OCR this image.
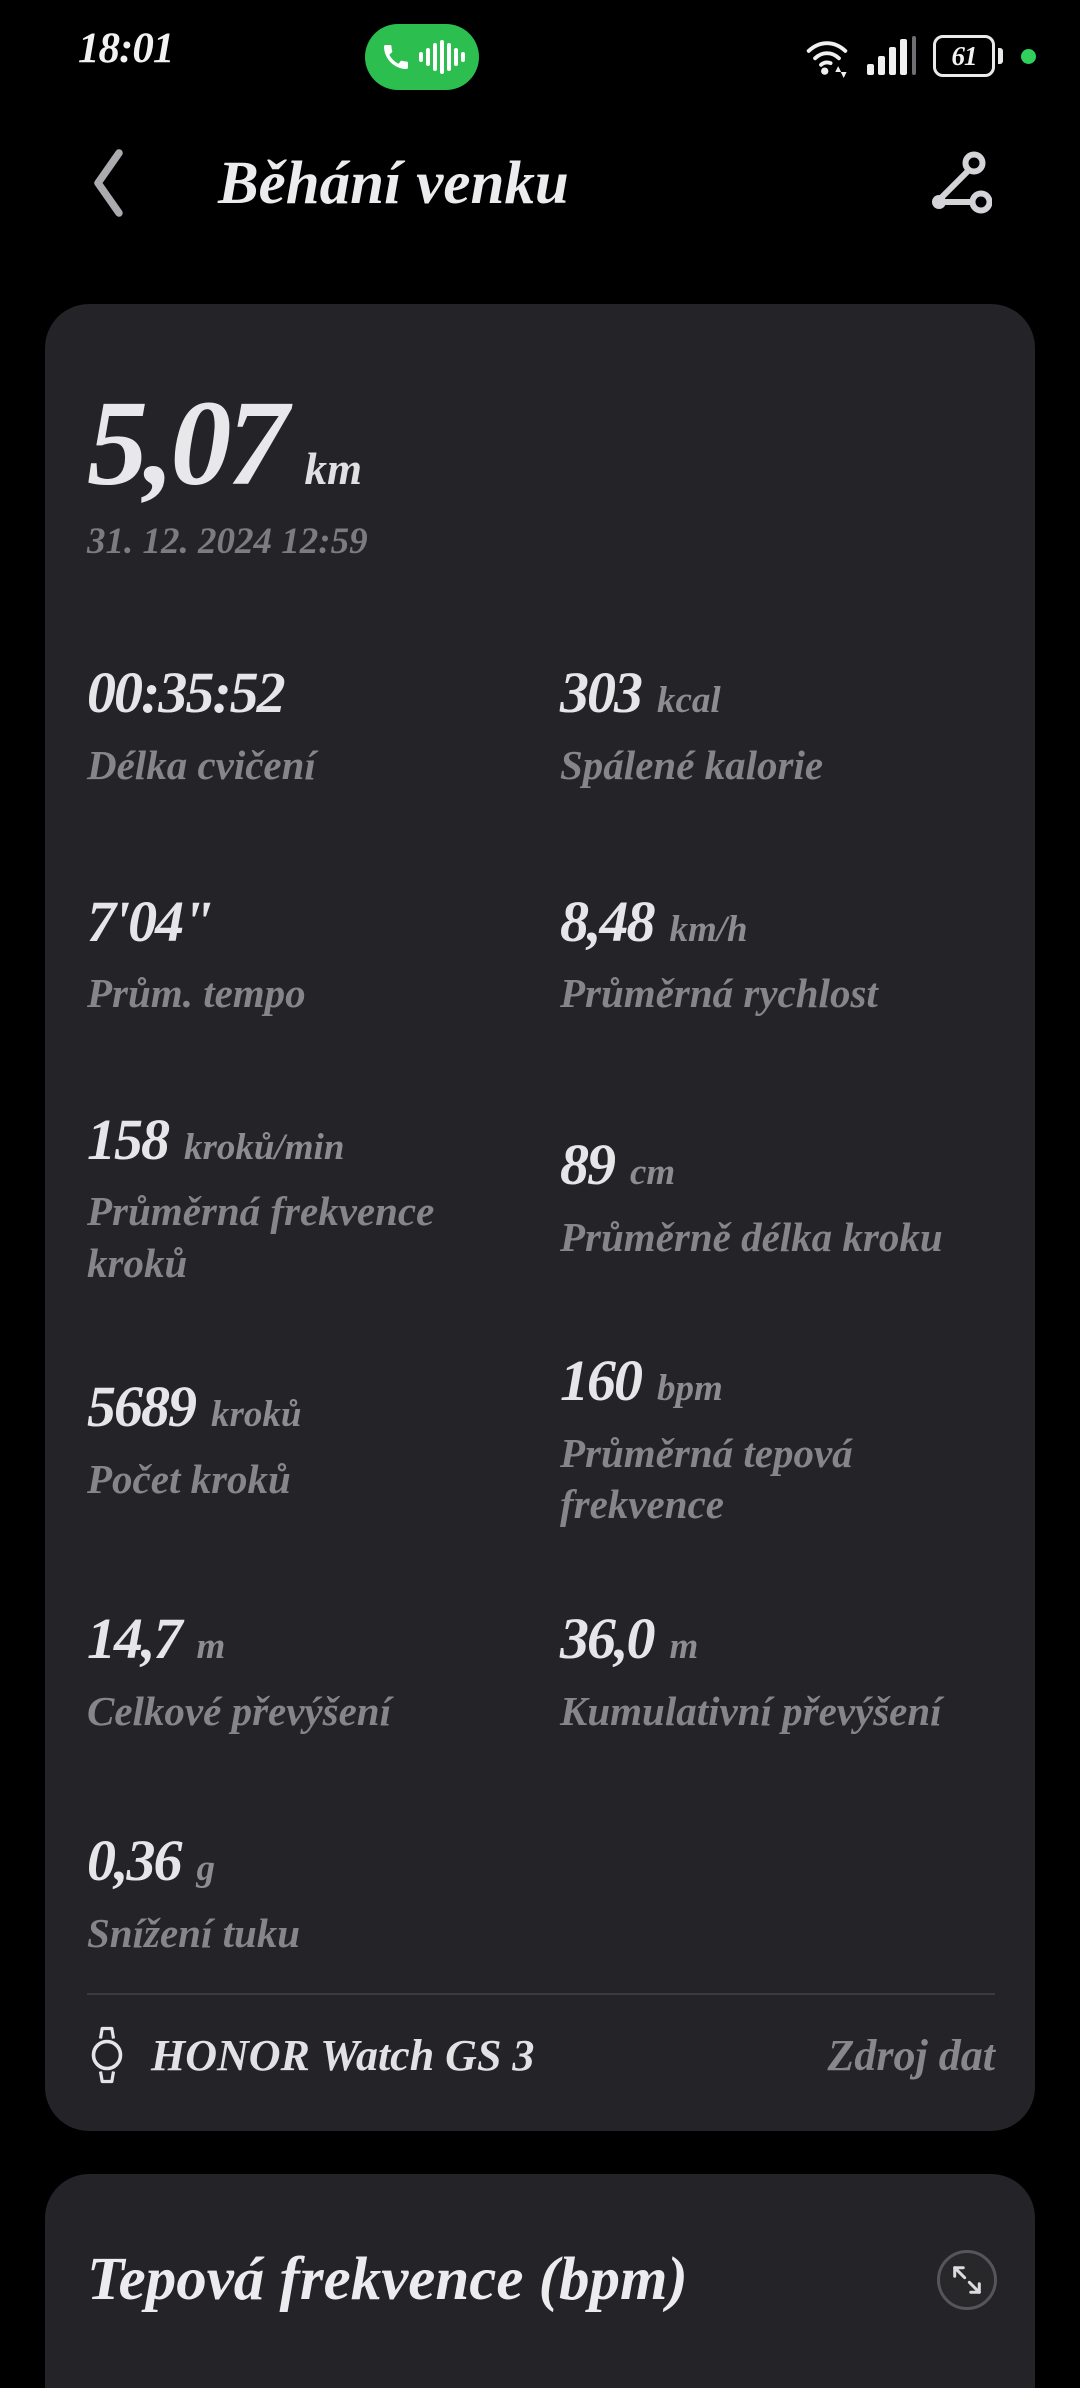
18:01	61
Běhání venku
5,07 km
31. 12. 2024 12:59
00:35:52
Délka cvičení
303 kcal
Spálené kalorie
7'04"
Prům. tempo
8,48 km/h
Průměrná rychlost
158 kroků/min
Průměrná frekvence kroků
89 cm
Průměrně délka kroku
5689 kroků
Počet kroků
160 bpm
Průměrná tepová frekvence
14,7 m
Celkové převýšení
36,0 m
Kumulativní převýšení
0,36 g
Snížení tuku
HONOR Watch GS 3	Zdroj dat
Tepová frekvence (bpm)
